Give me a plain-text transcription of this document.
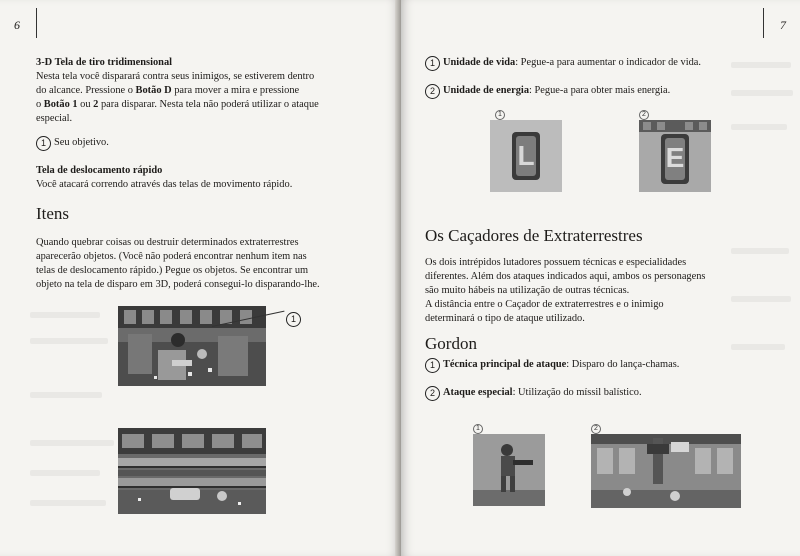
6

3-D Tela de tiro tridimensional

Nesta tela você disparará contra seus inimigos, se estiverem dentro

do alcance. Pressione o Botão D para mover a mira e pressione

o Botão 1 ou 2 para disparar. Nesta tela não poderá utilizar o ataque

especial.

1 Seu objetivo.

Tela de deslocamento rápido

Você atacará correndo através das telas de movimento rápido.

Itens

Quando quebrar coisas ou destruir determinados extraterrestres

aparecerão objetos. (Você não poderá encontrar nenhum item nas

telas de deslocamento rápido.) Pegue os objetos. Se encontrar um

objeto na tela de disparo em 3D, poderá consegui-lo disparando-lhe.

1
7

1 Unidade de vida: Pegue-a para aumentar o indicador de vida.

2 Unidade de energia: Pegue-a para obter mais energia.

1
L
2
E
Os Caçadores de Extraterrestres

Os dois intrépidos lutadores possuem técnicas e especialidades

diferentes. Além dos ataques indicados aqui, ambos os personagens

são muito hábeis na utilização de outras técnicas.

A distância entre o Caçador de extraterrestres e o inimigo

determinará o tipo de ataque utilizado.

Gordon

1 Técnica principal de ataque: Disparo do lança-chamas.

2 Ataque especial: Utilização do míssil balístico.

1	2
